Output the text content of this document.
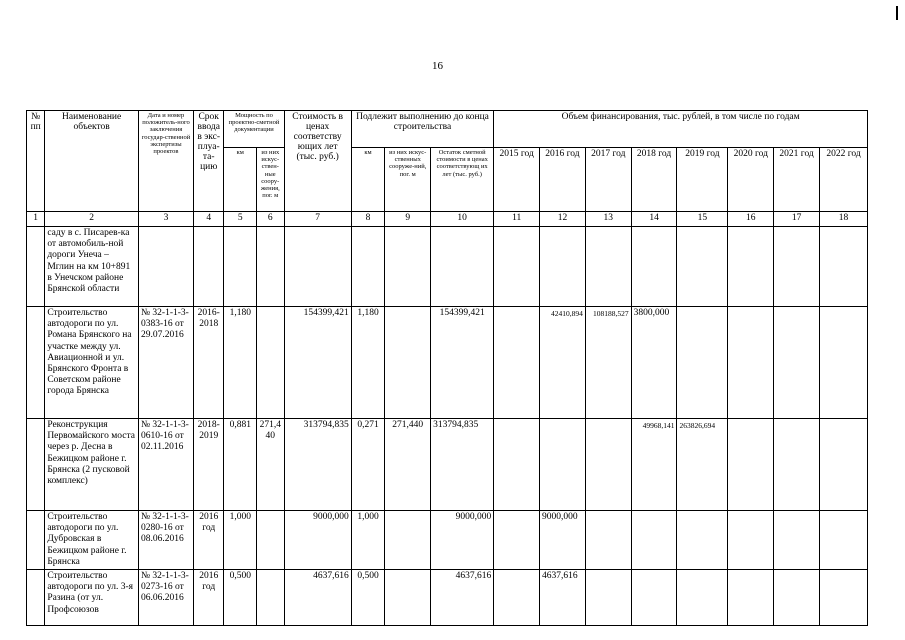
16
№ пп	Наименование объектов	Дата и номер положитель-ного заключения государ-ственной экспертизы проектов	Срок ввода в экс-плуа-та-цию	Мощность по проектно-сметной документации		Стоимость в ценах соответству ющих лет (тыс. руб.)	Подлежит выполнению до конца строительства			Объем финансирования, тыс. рублей, в том числе по годам							
				км	из них искус-ствен-ные соору-жения, пог. м		км	из них искус-ственных сооруже-ний, пог. м	Остаток сметной стоимости в ценах соответствующ их лет (тыс. руб.)	2015 год	2016 год	2017 год	2018 год	2019 год	2020 год	2021 год	2022 год
1	2	3	4	5	6	7	8	9	10	11	12	13	14	15	16	17	18
	саду в с. Писарев-ка от автомобиль-ной дороги Унеча – Мглин на км 10+891 в Унечском районе Брянской области																
	Строительство автодороги по ул. Романа Брянского на участке между ул. Авиационной и ул. Брянского Фронта в Советском районе города Брянска	№ 32-1-1-3-0383-16 от 29.07.2016	2016-2018	1,180		154399,421	1,180		154399,421		42410,894	108188,527	3800,000				
	Реконструкция Первомайского моста через р. Десна в Бежицком районе г. Брянска (2 пусковой комплекс)	№ 32-1-1-3-0610-16 от 02.11.2016	2018-2019	0,881	271,440	313794,835	0,271	271,440	313794,835				49968,141	263826,694			
	Строительство автодороги по ул. Дубровская в Бежицком районе г. Брянска	№ 32-1-1-3-0280-16 от 08.06.2016	2016 год	1,000		9000,000	1,000		9000,000		9000,000						
	Строительство автодороги по ул. 3-я Разина (от ул. Профсоюзов	№ 32-1-1-3-0273-16 от 06.06.2016	2016 год	0,500		4637,616	0,500		4637,616		4637,616						
